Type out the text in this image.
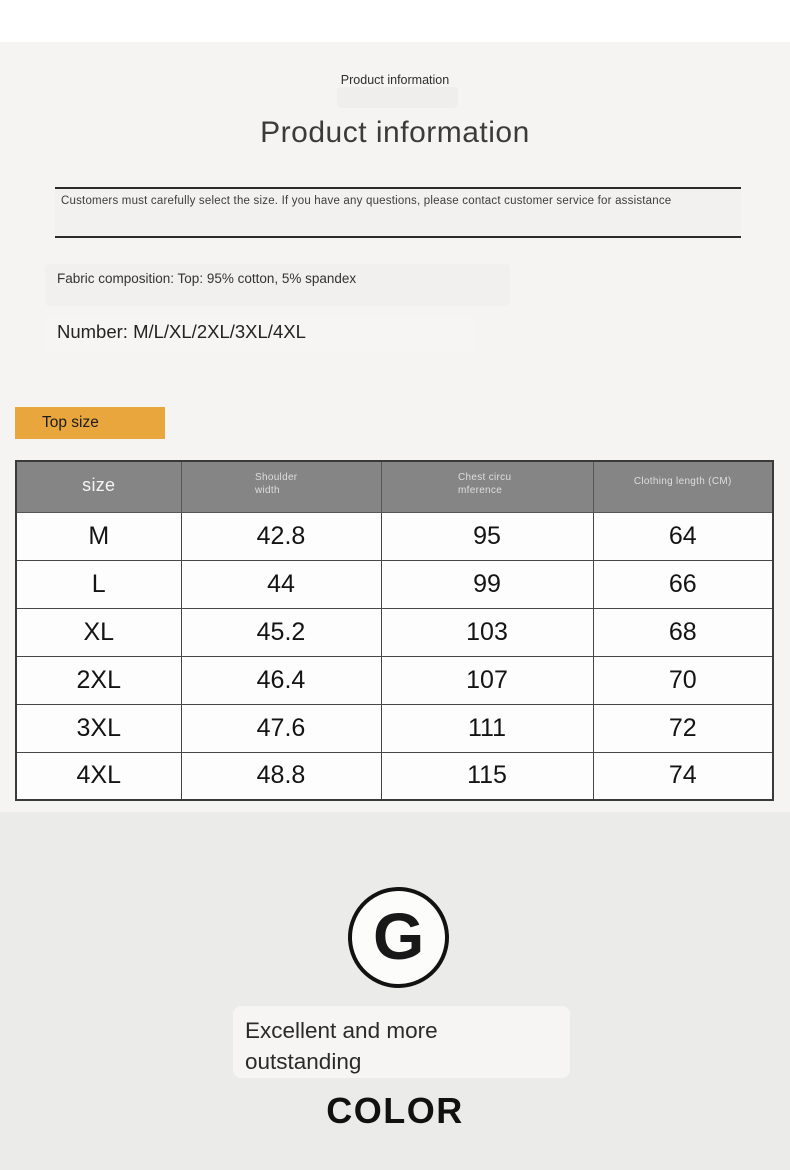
Product information
Product information
Customers must carefully select the size. If you have any questions, please contact customer service for assistance
Fabric composition: Top: 95% cotton, 5% spandex
Number: M/L/XL/2XL/3XL/4XL
Top size
size	Shoulder width	Chest circumference	Clothing length (CM)
M	42.8	95	64
L	44	99	66
XL	45.2	103	68
2XL	46.4	107	70
3XL	47.6	111	72
4XL	48.8	115	74
G
Excellent and more outstanding
COLOR
